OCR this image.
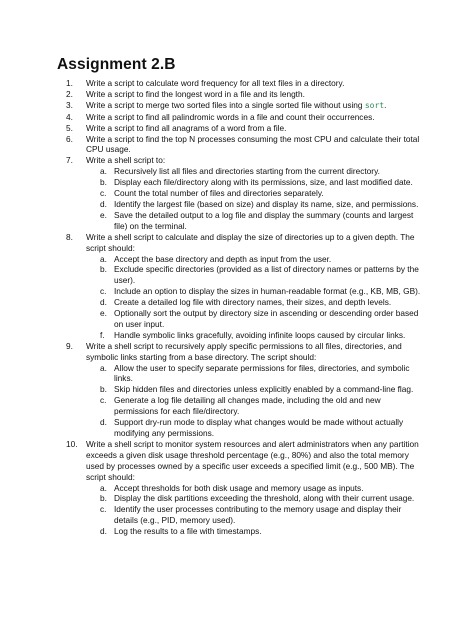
Assignment 2.B
1. Write a script to calculate word frequency for all text files in a directory.
2. Write a script to find the longest word in a file and its length.
3. Write a script to merge two sorted files into a single sorted file without using sort.
4. Write a script to find all palindromic words in a file and count their occurrences.
5. Write a script to find all anagrams of a word from a file.
6. Write a script to find the top N processes consuming the most CPU and calculate their total CPU usage.
7. Write a shell script to:
a. Recursively list all files and directories starting from the current directory.
b. Display each file/directory along with its permissions, size, and last modified date.
c. Count the total number of files and directories separately.
d. Identify the largest file (based on size) and display its name, size, and permissions.
e. Save the detailed output to a log file and display the summary (counts and largest file) on the terminal.
8. Write a shell script to calculate and display the size of directories up to a given depth. The script should:
a. Accept the base directory and depth as input from the user.
b. Exclude specific directories (provided as a list of directory names or patterns by the user).
c. Include an option to display the sizes in human-readable format (e.g., KB, MB, GB).
d. Create a detailed log file with directory names, their sizes, and depth levels.
e. Optionally sort the output by directory size in ascending or descending order based on user input.
f. Handle symbolic links gracefully, avoiding infinite loops caused by circular links.
9. Write a shell script to recursively apply specific permissions to all files, directories, and symbolic links starting from a base directory. The script should:
a. Allow the user to specify separate permissions for files, directories, and symbolic links.
b. Skip hidden files and directories unless explicitly enabled by a command-line flag.
c. Generate a log file detailing all changes made, including the old and new permissions for each file/directory.
d. Support dry-run mode to display what changes would be made without actually modifying any permissions.
10. Write a shell script to monitor system resources and alert administrators when any partition exceeds a given disk usage threshold percentage (e.g., 80%) and also the total memory used by processes owned by a specific user exceeds a specified limit (e.g., 500 MB). The script should:
a. Accept thresholds for both disk usage and memory usage as inputs.
b. Display the disk partitions exceeding the threshold, along with their current usage.
c. Identify the user processes contributing to the memory usage and display their details (e.g., PID, memory used).
d. Log the results to a file with timestamps.
